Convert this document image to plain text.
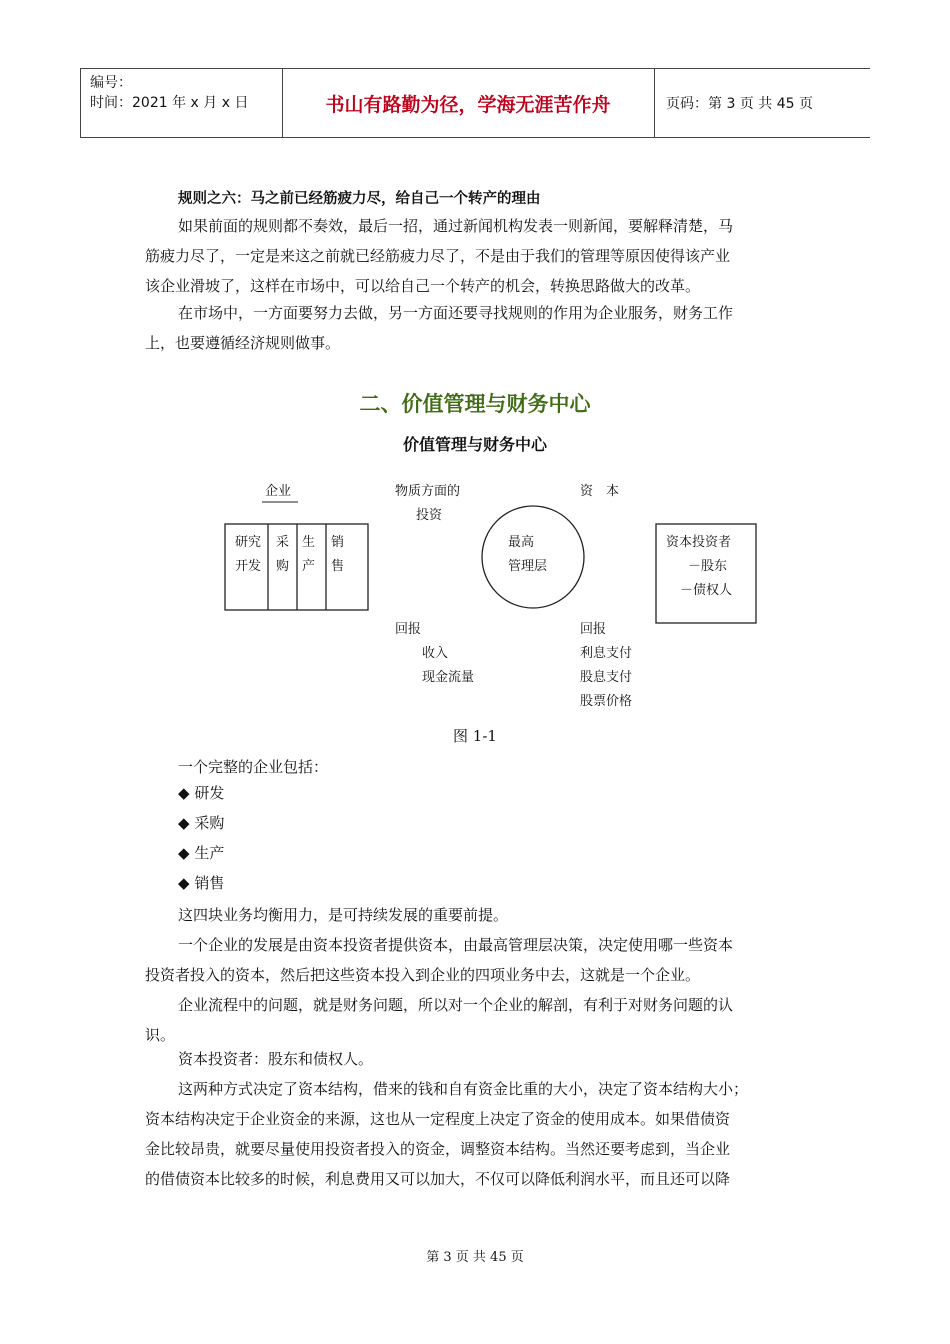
编号：
时间：2021 年 x 月 x 日	书山有路勤为径，学海无涯苦作舟	页码：第 3 页 共 45 页
规则之六：马之前已经筋疲力尽，给自己一个转产的理由
如果前面的规则都不奏效，最后一招，通过新闻机构发表一则新闻，要解释清楚，马
筋疲力尽了，一定是来这之前就已经筋疲力尽了，不是由于我们的管理等原因使得该产业
该企业滑坡了，这样在市场中，可以给自己一个转产的机会，转换思路做大的改革。
在市场中，一方面要努力去做，另一方面还要寻找规则的作用为企业服务，财务工作
上，也要遵循经济规则做事。
二、价值管理与财务中心
价值管理与财务中心
企业	物质方面的
投资
资　本
研究
开发
采
购
生
产
销
售
最高
管理层
资本投资者
－股东
－债权人
回报
收入
现金流量
回报
利息支付
股息支付
股票价格
图 1-1
一个完整的企业包括：
◆ 研发
◆ 采购
◆ 生产
◆ 销售
这四块业务均衡用力，是可持续发展的重要前提。
一个企业的发展是由资本投资者提供资本，由最高管理层决策，决定使用哪一些资本
投资者投入的资本，然后把这些资本投入到企业的四项业务中去，这就是一个企业。
企业流程中的问题，就是财务问题，所以对一个企业的解剖，有利于对财务问题的认
识。
资本投资者：股东和债权人。
这两种方式决定了资本结构，借来的钱和自有资金比重的大小，决定了资本结构大小；
资本结构决定于企业资金的来源，这也从一定程度上决定了资金的使用成本。如果借债资
金比较昂贵，就要尽量使用投资者投入的资金，调整资本结构。当然还要考虑到，当企业
的借债资本比较多的时候，利息费用又可以加大，不仅可以降低利润水平，而且还可以降
第 3 页 共 45 页
